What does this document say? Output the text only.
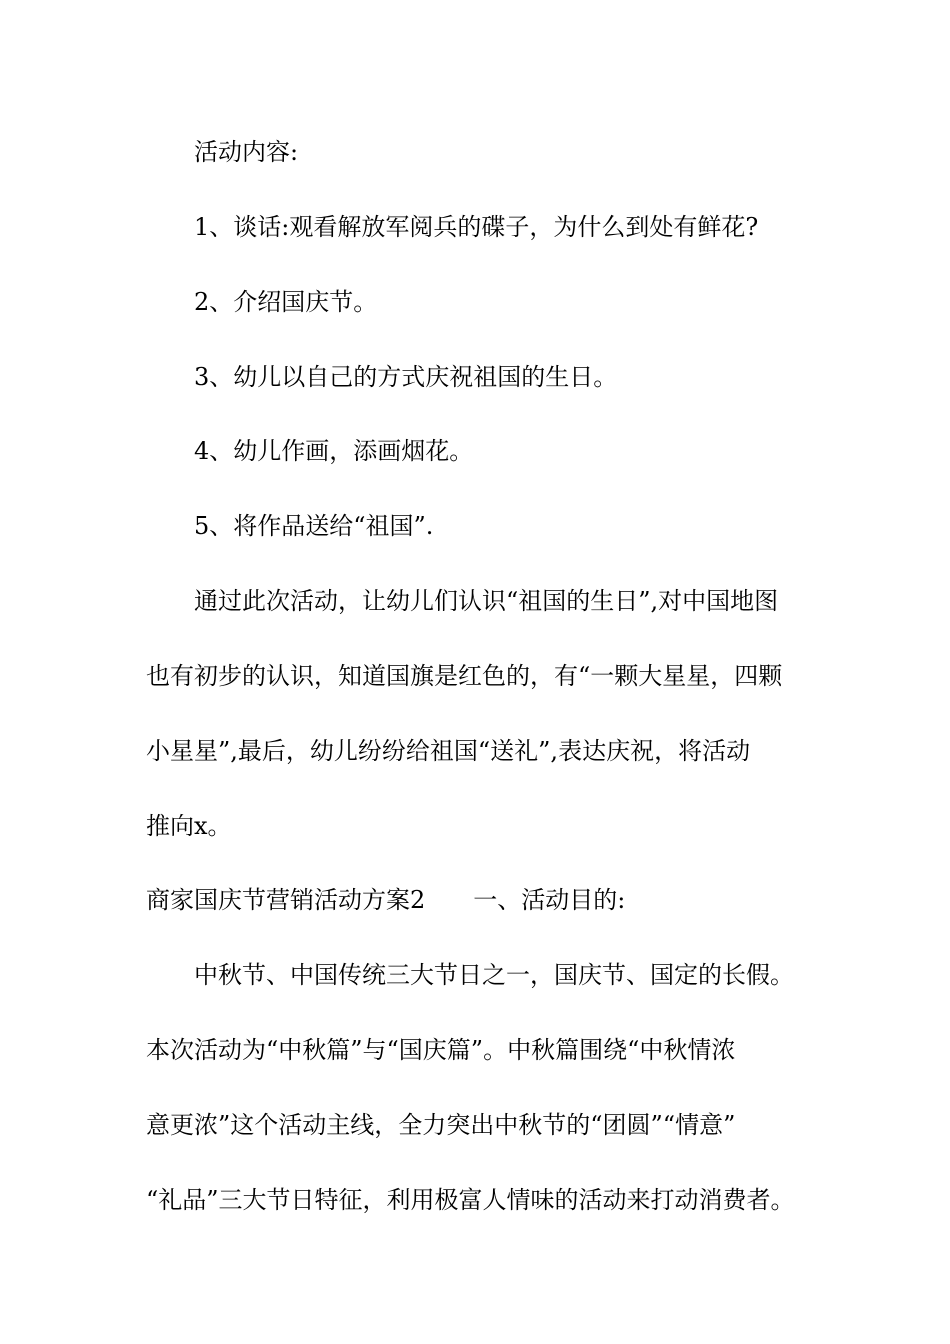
活动内容:
1、谈话:观看解放军阅兵的碟子，为什么到处有鲜花?
2、介绍国庆节。
3、幼儿以自己的方式庆祝祖国的生日。
4、幼儿作画，添画烟花。
5、将作品送给“祖国”.
通过此次活动，让幼儿们认识“祖国的生日”,对中国地图
也有初步的认识，知道国旗是红色的，有“一颗大星星，四颗
小星星”,最后，幼儿纷纷给祖国“送礼”,表达庆祝，将活动
推向x。
商家国庆节营销活动方案2 一、活动目的:
中秋节、中国传统三大节日之一，国庆节、国定的长假。
本次活动为“中秋篇”与“国庆篇”。中秋篇围绕“中秋情浓
意更浓”这个活动主线，全力突出中秋节的“团圆”“情意”
“礼品”三大节日特征，利用极富人情味的活动来打动消费者。
